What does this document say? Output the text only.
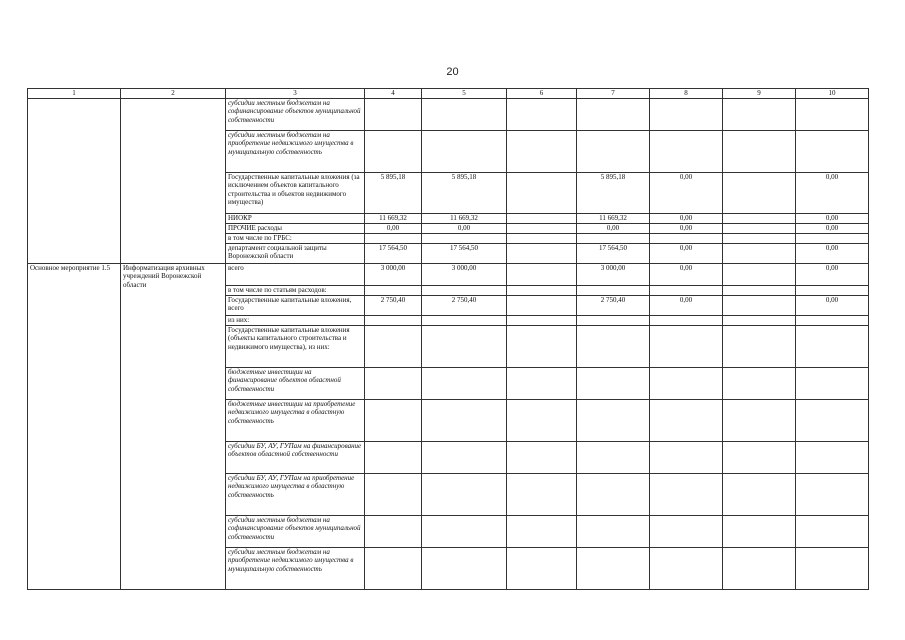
20
1	2	3	4	5	6	7	8	9	10
		субсидии местным бюджетам на софинансирование объектов муниципальной собственности							
		субсидии местным бюджетам на приобретение недвижимого имущества в муниципальную собственность							
		Государственные капитальные вложения (за исключением объектов капитального строительства и объектов недвижимого имущества)	5 895,18	5 895,18		5 895,18	0,00		0,00
		НИОКР	11 669,32	11 669,32		11 669,32	0,00		0,00
		ПРОЧИЕ расходы	0,00	0,00		0,00	0,00		0,00
		в том числе по ГРБС:							
		департамент социальной защиты Воронежской области	17 564,50	17 564,50		17 564,50	0,00		0,00
Основное мероприятие 1.5	Информатизация архивных учреждений Воронежской области	всего	3 000,00	3 000,00		3 000,00	0,00		0,00
		в том числе по статьям расходов:							
		Государственные капитальные вложения, всего	2 750,40	2 750,40		2 750,40	0,00		0,00
		из них:							
		Государственные капитальные вложения (объекты капитального строительства и недвижимого имущества), из них:							
		бюджетные инвестиции на финансирование объектов областной собственности							
		бюджетные инвестиции на приобретение недвижимого имущества в областную собственность							
		субсидии БУ, АУ, ГУПам на финансирование объектов областной собственности							
		субсидии БУ, АУ, ГУПам на приобретение недвижимого имущества в областную собственность							
		субсидии местным бюджетам на софинансирование объектов муниципальной собственности							
		субсидии местным бюджетам на приобретение недвижимого имущества в муниципальную собственность							
